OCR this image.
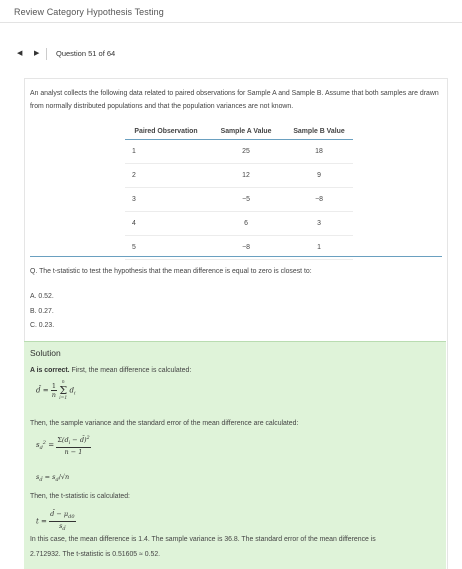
Review Category Hypothesis Testing
◀ ▶ Question 51 of 64
An analyst collects the following data related to paired observations for Sample A and Sample B. Assume that both samples are drawn from normally distributed populations and that the population variances are not known.
Paired Observation	Sample A Value	Sample B Value
1	25	18
2	12	9
3	−5	−8
4	6	3
5	−8	1
Q. The t-statistic to test the hypothesis that the mean difference is equal to zero is closest to:
A. 0.52.
B. 0.27.
C. 0.23.
Solution
A is correct. First, the mean difference is calculated:
d̄ = $\frac{1}{n}$
	n
Σ
i=1
$d_i$
Then, the sample variance and the standard error of the mean difference are calculated:
$s_d^2 = \frac{\Sigma(d_i - d̄)^2}{n - 1}$
$s_{d̄} = s_d/√n$
Then, the t-statistic is calculated:
$t = \frac{d̄ - \mu_{d0}}{s_{d̄}}$
In this case, the mean difference is 1.4. The sample variance is 36.8. The standard error of the mean difference is
2.712932. The t-statistic is 0.51605 ≈ 0.52.
